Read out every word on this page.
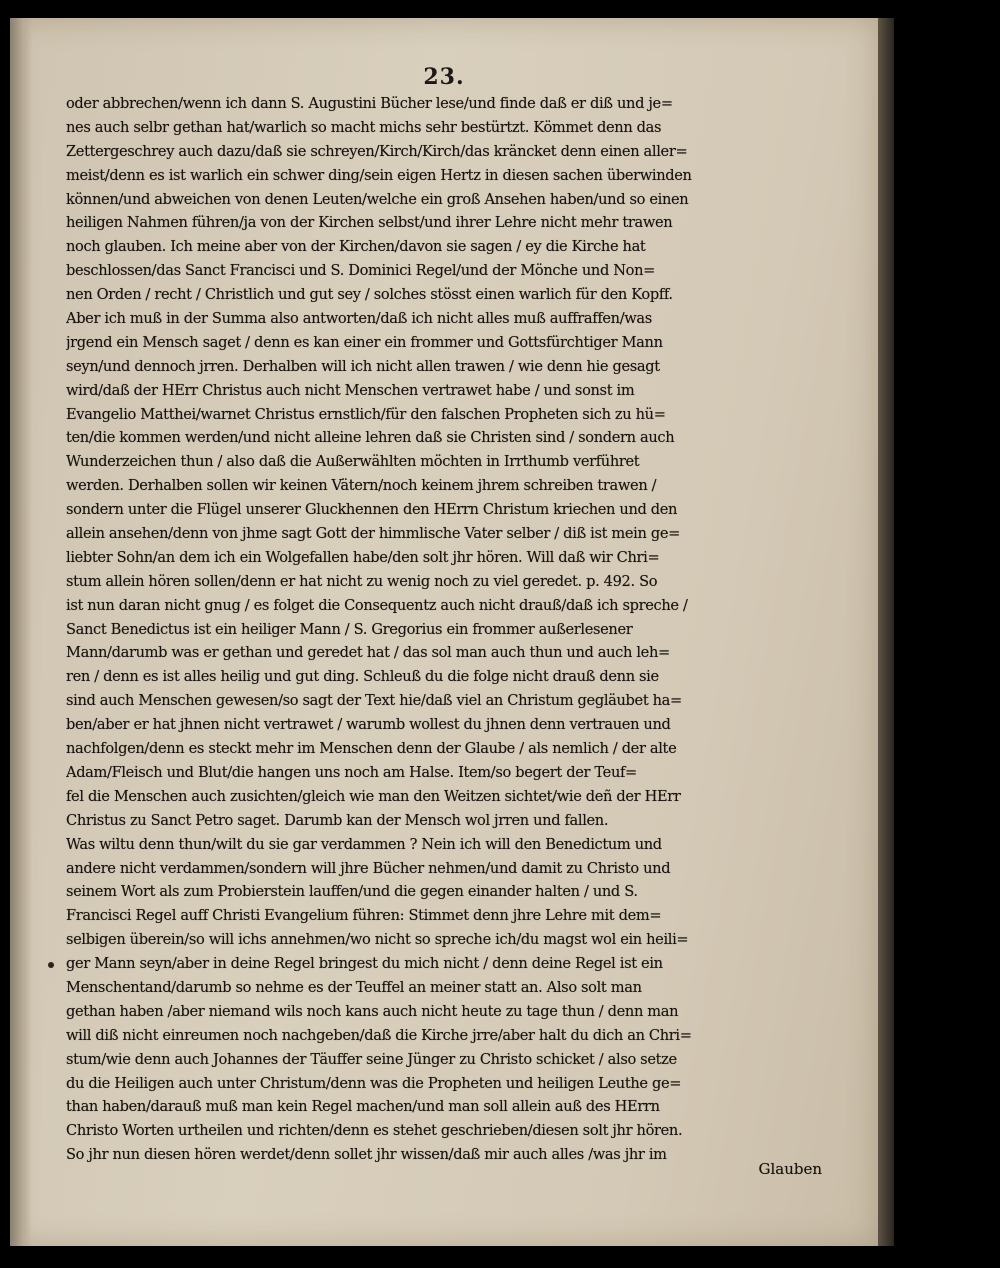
23.
oder abbrechen/wenn ich dann S. Augustini Bücher lese/und finde daß er diß und je=
nes auch selbr gethan hat/warlich so macht michs sehr bestürtzt. Kömmet denn das
Zettergeschrey auch dazu/daß sie schreyen/Kirch/Kirch/das kräncket denn einen aller=
meist/denn es ist warlich ein schwer ding/sein eigen Hertz in diesen sachen überwinden
können/und abweichen von denen Leuten/welche ein groß Ansehen haben/und so einen
heiligen Nahmen führen/ja von der Kirchen selbst/und ihrer Lehre nicht mehr trawen
noch glauben. Ich meine aber von der Kirchen/davon sie sagen / ey die Kirche hat
beschlossen/das Sanct Francisci und S. Dominici Regel/und der Mönche und Non=
nen Orden / recht / Christlich und gut sey / solches stösst einen warlich für den Kopff.
Aber ich muß in der Summa also antworten/daß ich nicht alles muß auffraffen/was
jrgend ein Mensch saget / denn es kan einer ein frommer und Gottsfürchtiger Mann
seyn/und dennoch jrren. Derhalben will ich nicht allen trawen / wie denn hie gesagt
wird/daß der HErr Christus auch nicht Menschen vertrawet habe / und sonst im
Evangelio Matthei/warnet Christus ernstlich/für den falschen Propheten sich zu hü=
ten/die kommen werden/und nicht alleine lehren daß sie Christen sind / sondern auch
Wunderzeichen thun / also daß die Außerwählten möchten in Irrthumb verführet
werden. Derhalben sollen wir keinen Vätern/noch keinem jhrem schreiben trawen /
sondern unter die Flügel unserer Gluckhennen den HErrn Christum kriechen und den
allein ansehen/denn von jhme sagt Gott der himmlische Vater selber / diß ist mein ge=
liebter Sohn/an dem ich ein Wolgefallen habe/den solt jhr hören. Will daß wir Chri=
stum allein hören sollen/denn er hat nicht zu wenig noch zu viel geredet. p. 492. So
ist nun daran nicht gnug / es folget die Consequentz auch nicht drauß/daß ich spreche /
Sanct Benedictus ist ein heiliger Mann / S. Gregorius ein frommer außerlesener
Mann/darumb was er gethan und geredet hat / das sol man auch thun und auch leh=
ren / denn es ist alles heilig und gut ding. Schleuß du die folge nicht drauß denn sie
sind auch Menschen gewesen/so sagt der Text hie/daß viel an Christum gegläubet ha=
ben/aber er hat jhnen nicht vertrawet / warumb wollest du jhnen denn vertrauen und
nachfolgen/denn es steckt mehr im Menschen denn der Glaube / als nemlich / der alte
Adam/Fleisch und Blut/die hangen uns noch am Halse. Item/so begert der Teuf=
fel die Menschen auch zusichten/gleich wie man den Weitzen sichtet/wie deñ der HErr
Christus zu Sanct Petro saget. Darumb kan der Mensch wol jrren und fallen.
Was wiltu denn thun/wilt du sie gar verdammen ? Nein ich will den Benedictum und
andere nicht verdammen/sondern will jhre Bücher nehmen/und damit zu Christo und
seinem Wort als zum Probierstein lauffen/und die gegen einander halten / und S.
Francisci Regel auff Christi Evangelium führen: Stimmet denn jhre Lehre mit dem=
selbigen überein/so will ichs annehmen/wo nicht so spreche ich/du magst wol ein heili=
ger Mann seyn/aber in deine Regel bringest du mich nicht / denn deine Regel ist ein
Menschentand/darumb so nehme es der Teuffel an meiner statt an. Also solt man
gethan haben /aber niemand wils noch kans auch nicht heute zu tage thun / denn man
will diß nicht einreumen noch nachgeben/daß die Kirche jrre/aber halt du dich an Chri=
stum/wie denn auch Johannes der Täuffer seine Jünger zu Christo schicket / also setze
du die Heiligen auch unter Christum/denn was die Propheten und heiligen Leuthe ge=
than haben/darauß muß man kein Regel machen/und man soll allein auß des HErrn
Christo Worten urtheilen und richten/denn es stehet geschrieben/diesen solt jhr hören.
So jhr nun diesen hören werdet/denn sollet jhr wissen/daß mir auch alles /was jhr im
Glauben
